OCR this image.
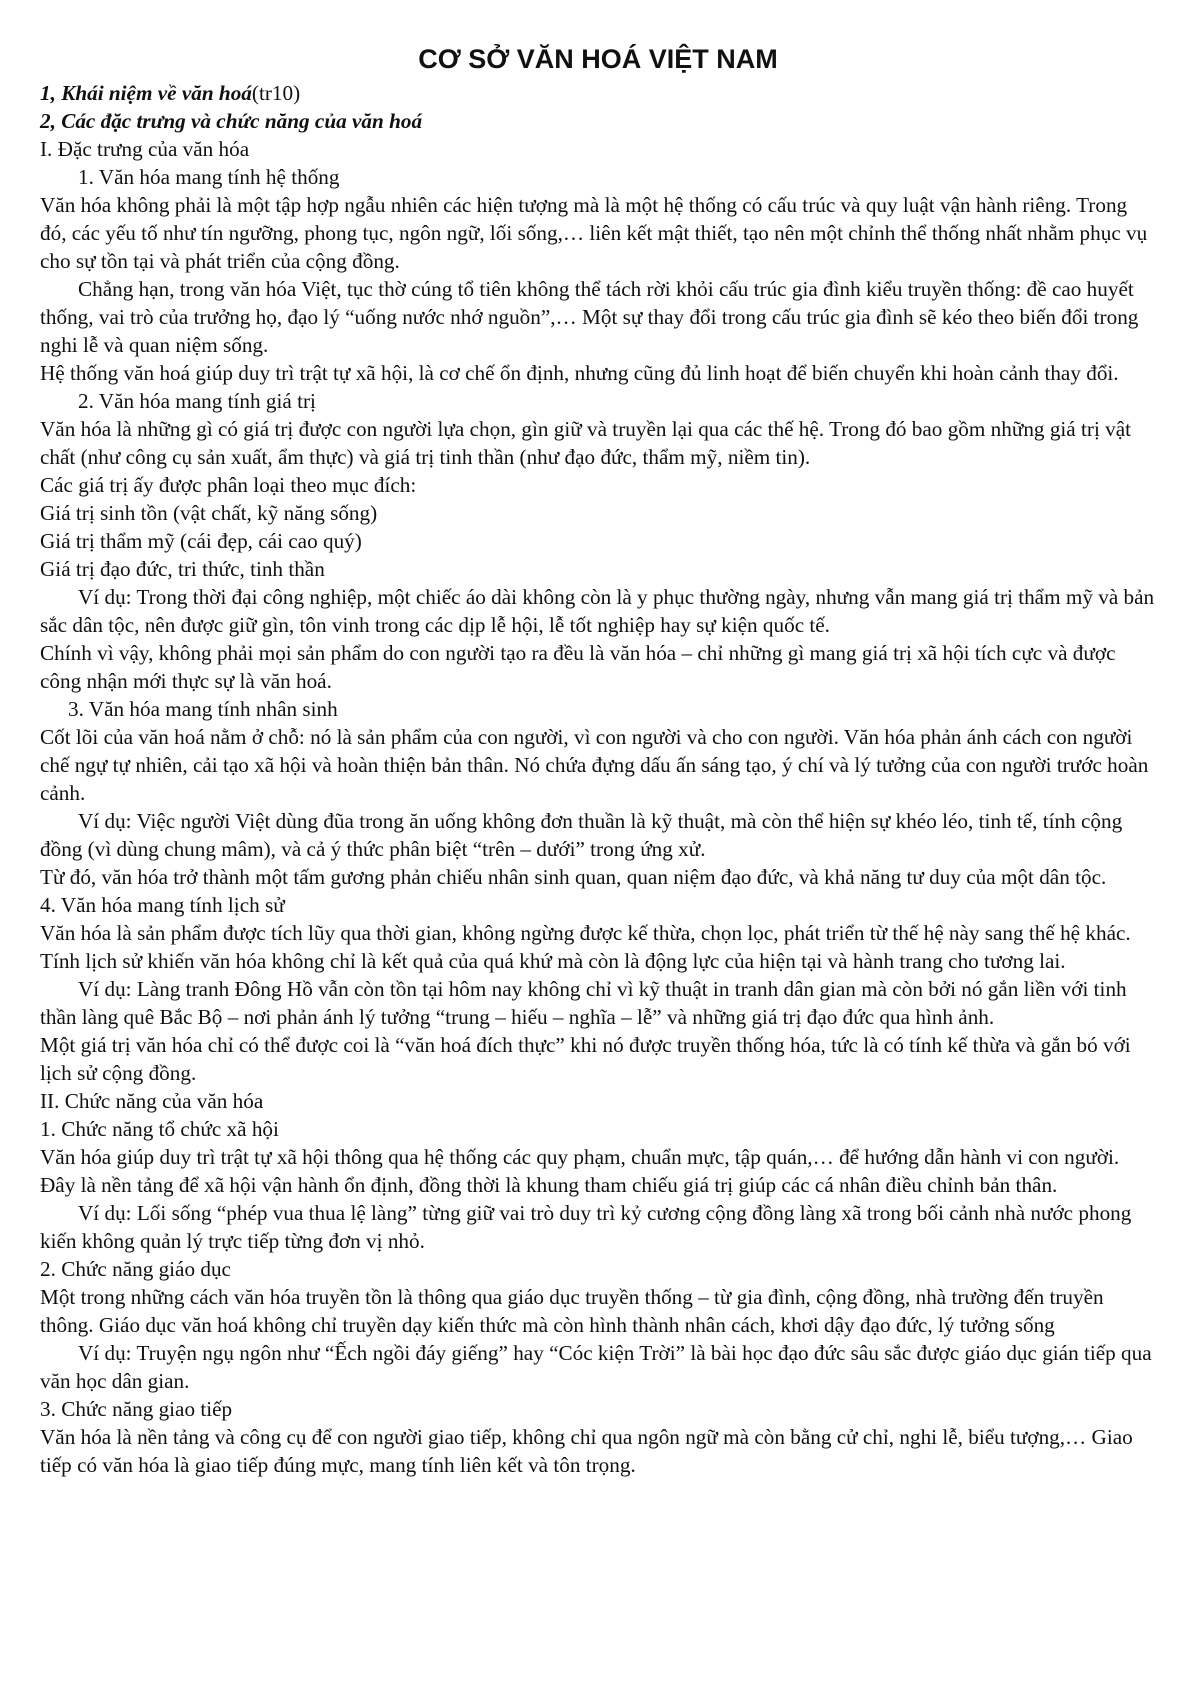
CƠ SỞ VĂN HOÁ VIỆT NAM

1, Khái niệm về văn hoá(tr10)

2, Các đặc trưng và chức năng của văn hoá

I. Đặc trưng của văn hóa

1. Văn hóa mang tính hệ thống

Văn hóa không phải là một tập hợp ngẫu nhiên các hiện tượng mà là một hệ thống có cấu trúc và quy luật vận hành riêng. Trong đó, các yếu tố như tín ngưỡng, phong tục, ngôn ngữ, lối sống,… liên kết mật thiết, tạo nên một chỉnh thể thống nhất nhằm phục vụ cho sự tồn tại và phát triển của cộng đồng.

Chẳng hạn, trong văn hóa Việt, tục thờ cúng tổ tiên không thể tách rời khỏi cấu trúc gia đình kiểu truyền thống: đề cao huyết thống, vai trò của trưởng họ, đạo lý “uống nước nhớ nguồn”,… Một sự thay đổi trong cấu trúc gia đình sẽ kéo theo biến đổi trong nghi lễ và quan niệm sống.

Hệ thống văn hoá giúp duy trì trật tự xã hội, là cơ chế ổn định, nhưng cũng đủ linh hoạt để biến chuyển khi hoàn cảnh thay đổi.

2. Văn hóa mang tính giá trị

Văn hóa là những gì có giá trị được con người lựa chọn, gìn giữ và truyền lại qua các thế hệ. Trong đó bao gồm những giá trị vật chất (như công cụ sản xuất, ẩm thực) và giá trị tinh thần (như đạo đức, thẩm mỹ, niềm tin).

Các giá trị ấy được phân loại theo mục đích:

Giá trị sinh tồn (vật chất, kỹ năng sống)

Giá trị thẩm mỹ (cái đẹp, cái cao quý)

Giá trị đạo đức, tri thức, tinh thần

Ví dụ: Trong thời đại công nghiệp, một chiếc áo dài không còn là y phục thường ngày, nhưng vẫn mang giá trị thẩm mỹ và bản sắc dân tộc, nên được giữ gìn, tôn vinh trong các dịp lễ hội, lễ tốt nghiệp hay sự kiện quốc tế.

Chính vì vậy, không phải mọi sản phẩm do con người tạo ra đều là văn hóa – chỉ những gì mang giá trị xã hội tích cực và được công nhận mới thực sự là văn hoá.

3. Văn hóa mang tính nhân sinh

Cốt lõi của văn hoá nằm ở chỗ: nó là sản phẩm của con người, vì con người và cho con người. Văn hóa phản ánh cách con người chế ngự tự nhiên, cải tạo xã hội và hoàn thiện bản thân. Nó chứa đựng dấu ấn sáng tạo, ý chí và lý tưởng của con người trước hoàn cảnh.

Ví dụ: Việc người Việt dùng đũa trong ăn uống không đơn thuần là kỹ thuật, mà còn thể hiện sự khéo léo, tinh tế, tính cộng đồng (vì dùng chung mâm), và cả ý thức phân biệt “trên – dưới” trong ứng xử.

Từ đó, văn hóa trở thành một tấm gương phản chiếu nhân sinh quan, quan niệm đạo đức, và khả năng tư duy của một dân tộc.

4. Văn hóa mang tính lịch sử

Văn hóa là sản phẩm được tích lũy qua thời gian, không ngừng được kế thừa, chọn lọc, phát triển từ thế hệ này sang thế hệ khác. Tính lịch sử khiến văn hóa không chỉ là kết quả của quá khứ mà còn là động lực của hiện tại và hành trang cho tương lai.

Ví dụ: Làng tranh Đông Hồ vẫn còn tồn tại hôm nay không chỉ vì kỹ thuật in tranh dân gian mà còn bởi nó gắn liền với tinh thần làng quê Bắc Bộ – nơi phản ánh lý tưởng “trung – hiếu – nghĩa – lễ” và những giá trị đạo đức qua hình ảnh.

Một giá trị văn hóa chỉ có thể được coi là “văn hoá đích thực” khi nó được truyền thống hóa, tức là có tính kế thừa và gắn bó với lịch sử cộng đồng.

II. Chức năng của văn hóa

1. Chức năng tổ chức xã hội

Văn hóa giúp duy trì trật tự xã hội thông qua hệ thống các quy phạm, chuẩn mực, tập quán,… để hướng dẫn hành vi con người. Đây là nền tảng để xã hội vận hành ổn định, đồng thời là khung tham chiếu giá trị giúp các cá nhân điều chỉnh bản thân.

Ví dụ: Lối sống “phép vua thua lệ làng” từng giữ vai trò duy trì kỷ cương cộng đồng làng xã trong bối cảnh nhà nước phong kiến không quản lý trực tiếp từng đơn vị nhỏ.

2. Chức năng giáo dục

Một trong những cách văn hóa truyền tồn là thông qua giáo dục truyền thống – từ gia đình, cộng đồng, nhà trường đến truyền thông. Giáo dục văn hoá không chỉ truyền dạy kiến thức mà còn hình thành nhân cách, khơi dậy đạo đức, lý tưởng sống

Ví dụ: Truyện ngụ ngôn như “Ếch ngồi đáy giếng” hay “Cóc kiện Trời” là bài học đạo đức sâu sắc được giáo dục gián tiếp qua văn học dân gian.

3. Chức năng giao tiếp

Văn hóa là nền tảng và công cụ để con người giao tiếp, không chỉ qua ngôn ngữ mà còn bằng cử chỉ, nghi lễ, biểu tượng,… Giao tiếp có văn hóa là giao tiếp đúng mực, mang tính liên kết và tôn trọng.
